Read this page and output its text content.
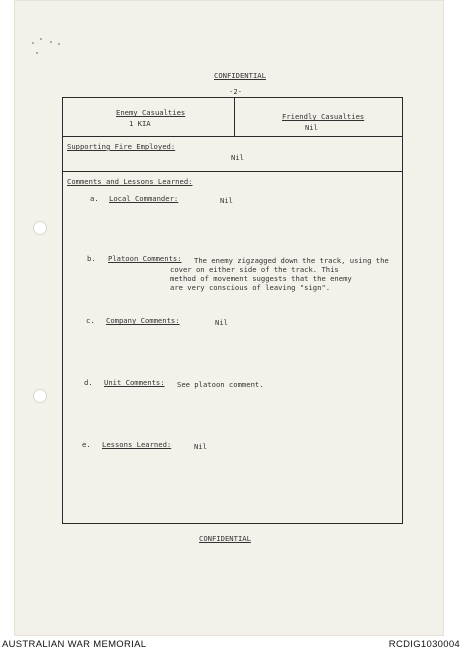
CONFIDENTIAL
-2-
Enemy Casualties
1 KIA
Friendly Casualties
Nil
Supporting Fire Employed:
Nil
Comments and Lessons Learned:
a. Local Commander:	Nil
b. Platoon Comments: The enemy zigzagged down the track, using the
cover on either side of the track. This method of movement suggests that the enemy are very conscious of leaving "sign".
c. Company Comments:	Nil
d. Unit Comments: See platoon comment.
e. Lessons Learned:	Nil
CONFIDENTIAL
AUSTRALIAN WAR MEMORIAL	RCDIG1030004
